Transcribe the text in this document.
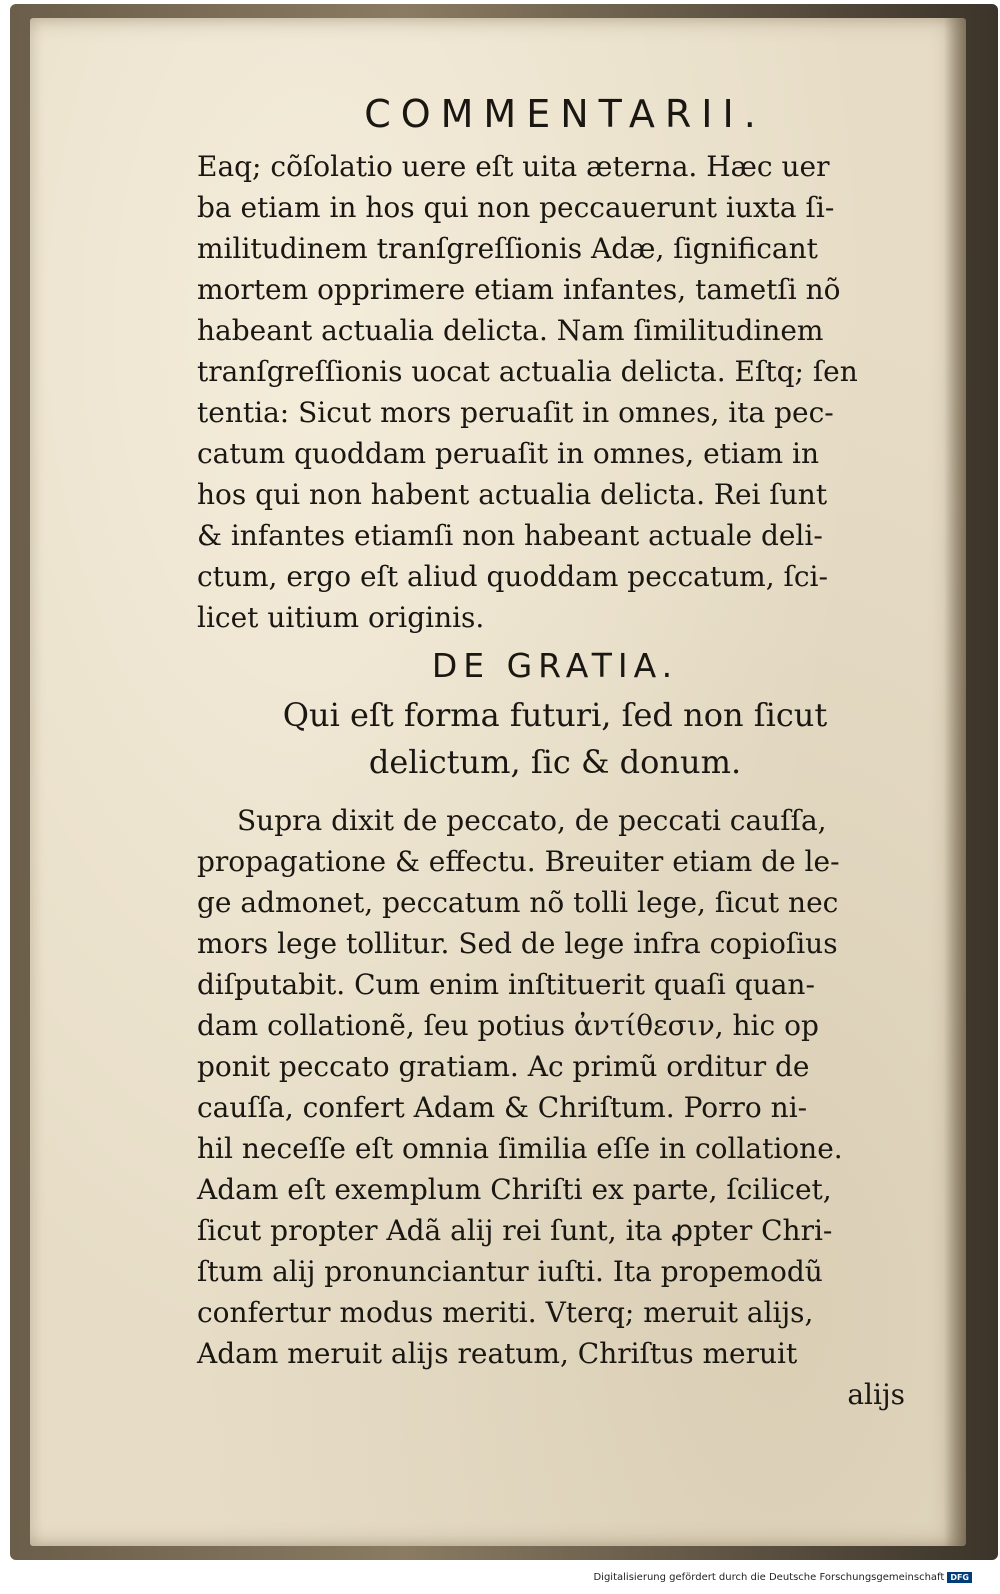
COMMENTARII.
Eaq; cõſolatio uere eſt uita æterna. Hæc uer
ba etiam in hos qui non peccauerunt iuxta ſi-
militudinem tranſgreſſionis Adæ, ſignificant
mortem opprimere etiam infantes, tametſi nõ
habeant actualia delicta. Nam ſimilitudinem
tranſgreſſionis uocat actualia delicta. Eſtq; ſen
tentia: Sicut mors peruaſit in omnes, ita pec-
catum quoddam peruaſit in omnes, etiam in
hos qui non habent actualia delicta. Rei ſunt
& infantes etiamſi non habeant actuale deli-
ctum, ergo eſt aliud quoddam peccatum, ſci-
licet uitium originis.
DE GRATIA.
Qui eſt forma futuri, ſed non ſicut
delictum, ſic & donum.
Supra dixit de peccato, de peccati cauſſa,
propagatione & effectu. Breuiter etiam de le-
ge admonet, peccatum nõ tolli lege, ſicut nec
mors lege tollitur. Sed de lege infra copioſius
diſputabit. Cum enim inſtituerit quaſi quan-
dam collationẽ, ſeu potius ἀντίθεσιν, hic op
ponit peccato gratiam. Ac primũ orditur de
cauſſa, confert Adam & Chriſtum. Porro ni-
hil neceſſe eſt omnia ſimilia eſſe in collatione.
Adam eſt exemplum Chriſti ex parte, ſcilicet,
ſicut propter Adã alij rei ſunt, ita ꝓpter Chri-
ſtum alij pronunciantur iuſti. Ita propemodũ
confertur modus meriti. Vterq; meruit alijs,
Adam meruit alijs reatum, Chriſtus meruit
alijs
Digitalisierung gefördert durch die Deutsche Forschungsgemeinschaft DFG
